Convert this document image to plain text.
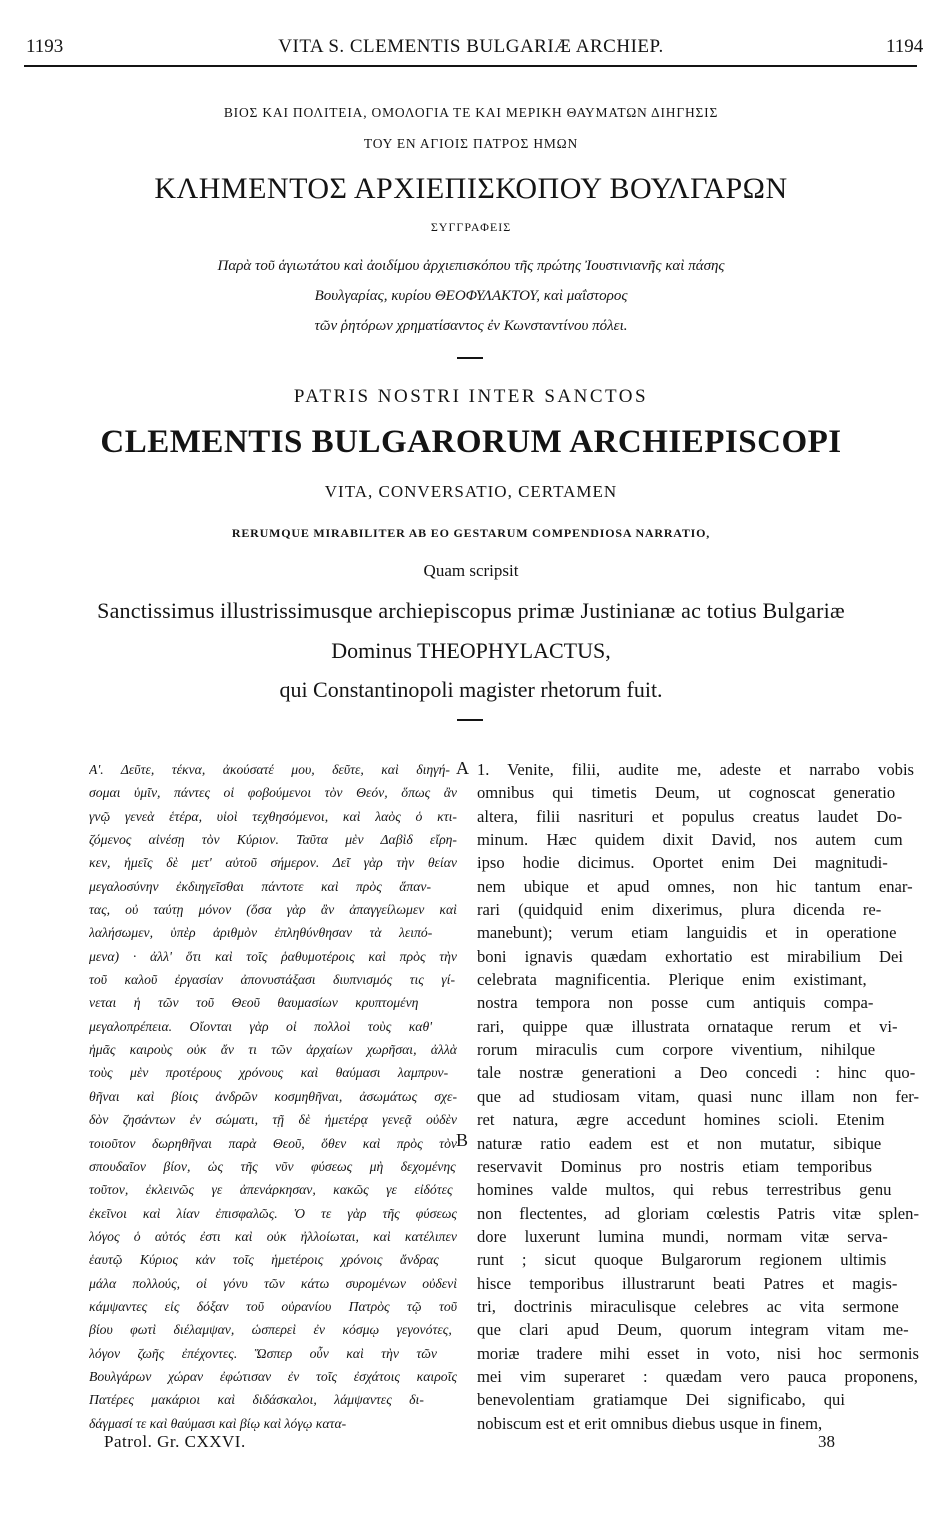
1193	VITA S. CLEMENTIS BULGARIÆ ARCHIEP.	1194
ΒΙΟΣ ΚΑΙ ΠΟΛΙΤΕΙΑ, ΟΜΟΛΟΓΙΑ ΤΕ ΚΑΙ ΜΕΡΙΚΗ ΘΑΥΜΑΤΩΝ ΔΙΗΓΗΣΙΣ
ΤΟΥ ΕΝ ΑΓΙΟΙΣ ΠΑΤΡΟΣ ΗΜΩΝ
ΚΛΗΜΕΝΤΟΣ ΑΡΧΙΕΠΙΣΚΟΠΟΥ ΒΟΥΛΓΑΡΩΝ
ΣΥΓΓΡΑΦΕΙΣ
Παρὰ τοῦ ἁγιωτάτου καὶ ἀοιδίμου ἀρχιεπισκόπου τῆς πρώτης Ἰουστινιανῆς καὶ πάσης
Βουλγαρίας, κυρίου ΘΕΟΦΥΛΑΚΤΟΥ, καὶ μαΐστορος
τῶν ῥητόρων χρηματίσαντος ἐν Κωνσταντίνου πόλει.
PATRIS NOSTRI INTER SANCTOS
CLEMENTIS BULGARORUM ARCHIEPISCOPI
VITA, CONVERSATIO, CERTAMEN
RERUMQUE MIRABILITER AB EO GESTARUM COMPENDIOSA NARRATIO,
Quam scripsit
Sanctissimus illustrissimusque archiepiscopus primæ Justinianæ ac totius Bulgariæ
Dominus THEOPHYLACTUS,
qui Constantinopoli magister rhetorum fuit.
Α'. Δεῦτε, τέκνα, ἀκούσατέ μου, δεῦτε, καὶ διηγή-
σομαι ὑμῖν, πάντες οἱ φοβούμενοι τὸν Θεόν, ὅπως ἂν
γνῷ γενεὰ ἑτέρα, υἱοὶ τεχθησόμενοι, καὶ λαὸς ὁ κτι-
ζόμενος αἰνέσῃ τὸν Κύριον. Ταῦτα μὲν Δαβὶδ εἴρη-
κεν, ἡμεῖς δὲ μετ' αὐτοῦ σήμερον. Δεῖ γὰρ τὴν θείαν
μεγαλοσύνην ἐκδιηγεῖσθαι πάντοτε καὶ πρὸς ἅπαν-
τας, οὐ ταύτῃ μόνον (ὅσα γὰρ ἂν ἀπαγγείλωμεν καὶ
λαλήσωμεν, ὑπὲρ ἀριθμὸν ἐπληθύνθησαν τὰ λειπό-
μενα) · ἀλλ' ὅτι καὶ τοῖς ῥαθυμοτέροις καὶ πρὸς τὴν
τοῦ καλοῦ ἐργασίαν ἀπονυστάξασι διυπνισμός τις γί-
νεται ἡ τῶν τοῦ Θεοῦ θαυμασίων κρυπτομένη
μεγαλοπρέπεια. Οἴονται γὰρ οἱ πολλοὶ τοὺς καθ'
ἡμᾶς καιροὺς οὐκ ἄν τι τῶν ἀρχαίων χωρῆσαι, ἀλλὰ
τοὺς μὲν προτέρους χρόνους καὶ θαύμασι λαμπρυν-
θῆναι καὶ βίοις ἀνδρῶν κοσμηθῆναι, ἀσωμάτως σχε-
δὸν ζησάντων ἐν σώματι, τῇ δὲ ἡμετέρᾳ γενεᾷ οὐδὲν
τοιοῦτον δωρηθῆναι παρὰ Θεοῦ, ὅθεν καὶ πρὸς τὸν
σπουδαῖον βίον, ὡς τῆς νῦν φύσεως μὴ δεχομένης
τοῦτον, ἐκλεινῶς γε ἀπενάρκησαν, κακῶς γε εἰδότες
ἐκεῖνοι καὶ λίαν ἐπισφαλῶς. Ὁ τε γὰρ τῆς φύσεως
λόγος ὁ αὐτός ἐστι καὶ οὐκ ἠλλοίωται, καὶ κατέλιπεν
ἑαυτῷ Κύριος κἀν τοῖς ἡμετέροις χρόνοις ἄνδρας
μάλα πολλούς, οἱ γόνυ τῶν κάτω συρομένων οὐδενὶ
κάμψαντες εἰς δόξαν τοῦ οὐρανίου Πατρὸς τῷ τοῦ
βίου φωτὶ διέλαμψαν, ὡσπερεὶ ἐν κόσμῳ γεγονότες,
λόγον ζωῆς ἐπέχοντες. Ὥσπερ οὖν καὶ τὴν τῶν
Βουλγάρων χώραν ἐφώτισαν ἐν τοῖς ἐσχάτοις καιροῖς
Πατέρες μακάριοι καὶ διδάσκαλοι, λάμψαντες δι-
δάγμασί τε καὶ θαύμασι καὶ βίῳ καὶ λόγῳ κατα-
1. Venite, filii, audite me, adeste et narrabo vobis
omnibus qui timetis Deum, ut cognoscat generatio
altera, filii nasrituri et populus creatus laudet Do-
minum. Hæc quidem dixit David, nos autem cum
ipso hodie dicimus. Oportet enim Dei magnitudi-
nem ubique et apud omnes, non hic tantum enar-
rari (quidquid enim dixerimus, plura dicenda re-
manebunt); verum etiam languidis et in operatione
boni ignavis quædam exhortatio est mirabilium Dei
celebrata magnificentia. Plerique enim existimant,
nostra tempora non posse cum antiquis compa-
rari, quippe quæ illustrata ornataque rerum et vi-
rorum miraculis cum corpore viventium, nihilque
tale nostræ generationi a Deo concedi : hinc quo-
que ad studiosam vitam, quasi nunc illam non fer-
ret natura, ægre accedunt homines scioli. Etenim
naturæ ratio eadem est et non mutatur, sibique
reservavit Dominus pro nostris etiam temporibus
homines valde multos, qui rebus terrestribus genu
non flectentes, ad gloriam cœlestis Patris vitæ splen-
dore luxerunt lumina mundi, normam vitæ serva-
runt ; sicut quoque Bulgarorum regionem ultimis
hisce temporibus illustrarunt beati Patres et magis-
tri, doctrinis miraculisque celebres ac vita sermone
que clari apud Deum, quorum integram vitam me-
moriæ tradere mihi esset in voto, nisi hoc sermonis
mei vim superaret : quædam vero pauca proponens,
benevolentiam gratiamque Dei significabo, qui
nobiscum est et erit omnibus diebus usque in finem,
A
B
Patrol. Gr. CXXVI.	38
